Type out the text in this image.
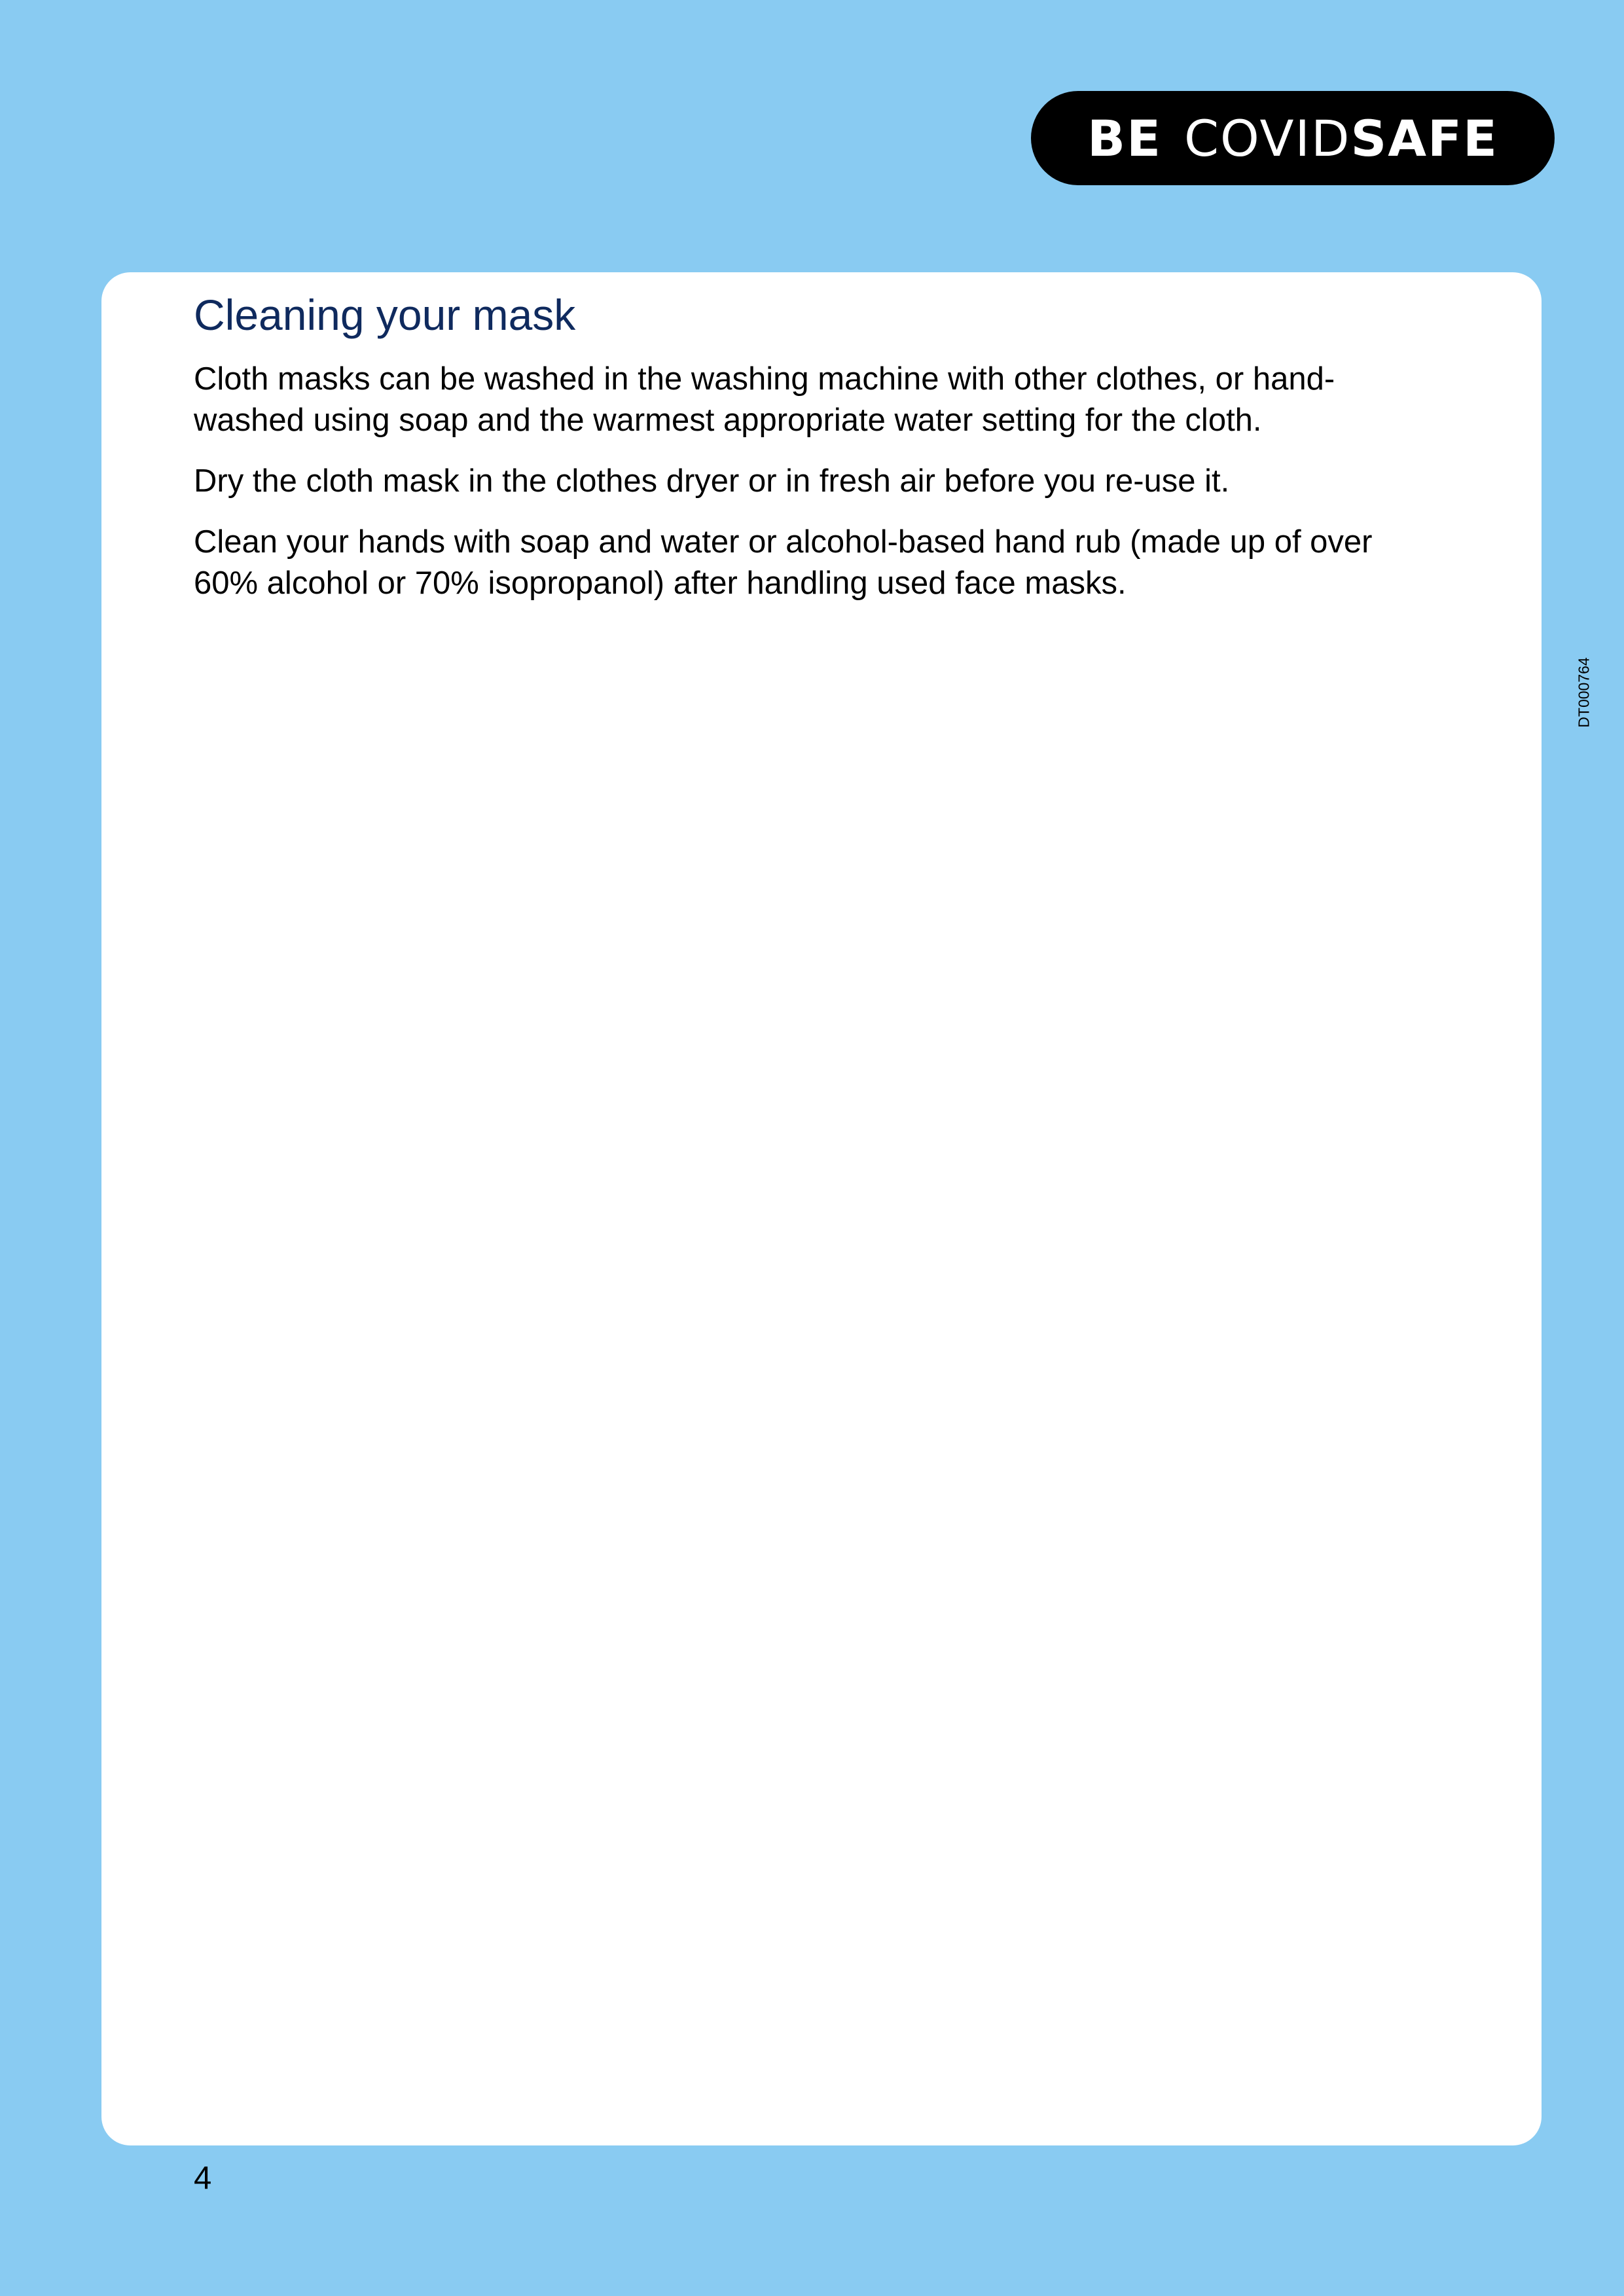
BE COVID SAFE
Cleaning your mask

Cloth masks can be washed in the washing machine with other clothes, or hand-washed using soap and the warmest appropriate water setting for the cloth.

Dry the cloth mask in the clothes dryer or in fresh air before you re-use it.

Clean your hands with soap and water or alcohol-based hand rub (made up of over 60% alcohol or 70% isopropanol) after handling used face masks.

DT000764
4
